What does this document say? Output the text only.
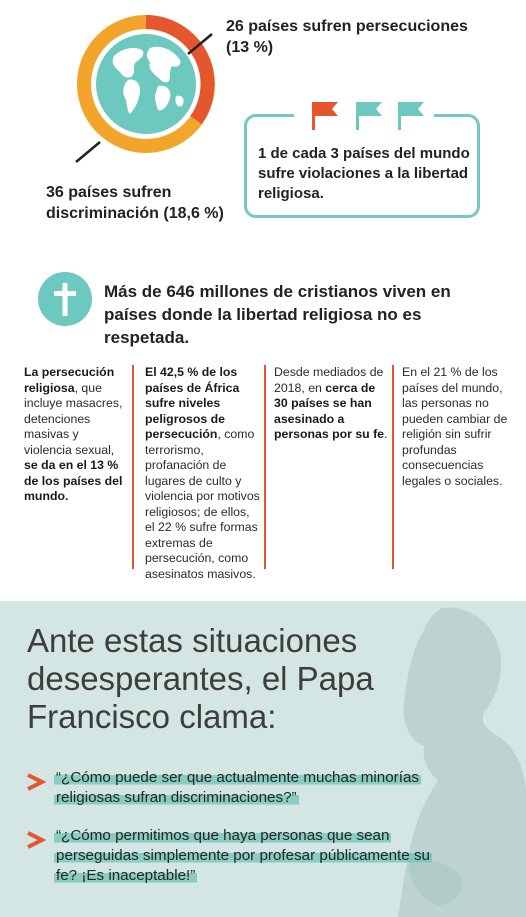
26 países sufren persecuciones (13 %)
36 países sufren discriminación (18,6 %)
1 de cada 3 países del mundo sufre violaciones a la libertad religiosa.
Más de 646 millones de cristianos viven en países donde la libertad religiosa no es respetada.
La persecución religiosa, que incluye masacres, detenciones masivas y violencia sexual, se da en el 13 % de los países del mundo.
El 42,5 % de los países de África sufre niveles peligrosos de persecución, como terrorismo, profanación de lugares de culto y violencia por motivos religiosos; de ellos, el 22 % sufre formas extremas de persecución, como asesinatos masivos.
Desde mediados de 2018, en cerca de 30 países se han asesinado a personas por su fe.
En el 21 % de los países del mundo, las personas no pueden cambiar de religión sin sufrir profundas consecuencias legales o sociales.
Ante estas situaciones desesperantes, el Papa Francisco clama:
“¿Cómo puede ser que actualmente muchas minorías religiosas sufran discriminaciones?”
“¿Cómo permitimos que haya personas que sean perseguidas simplemente por profesar públicamente su fe? ¡Es inaceptable!”
